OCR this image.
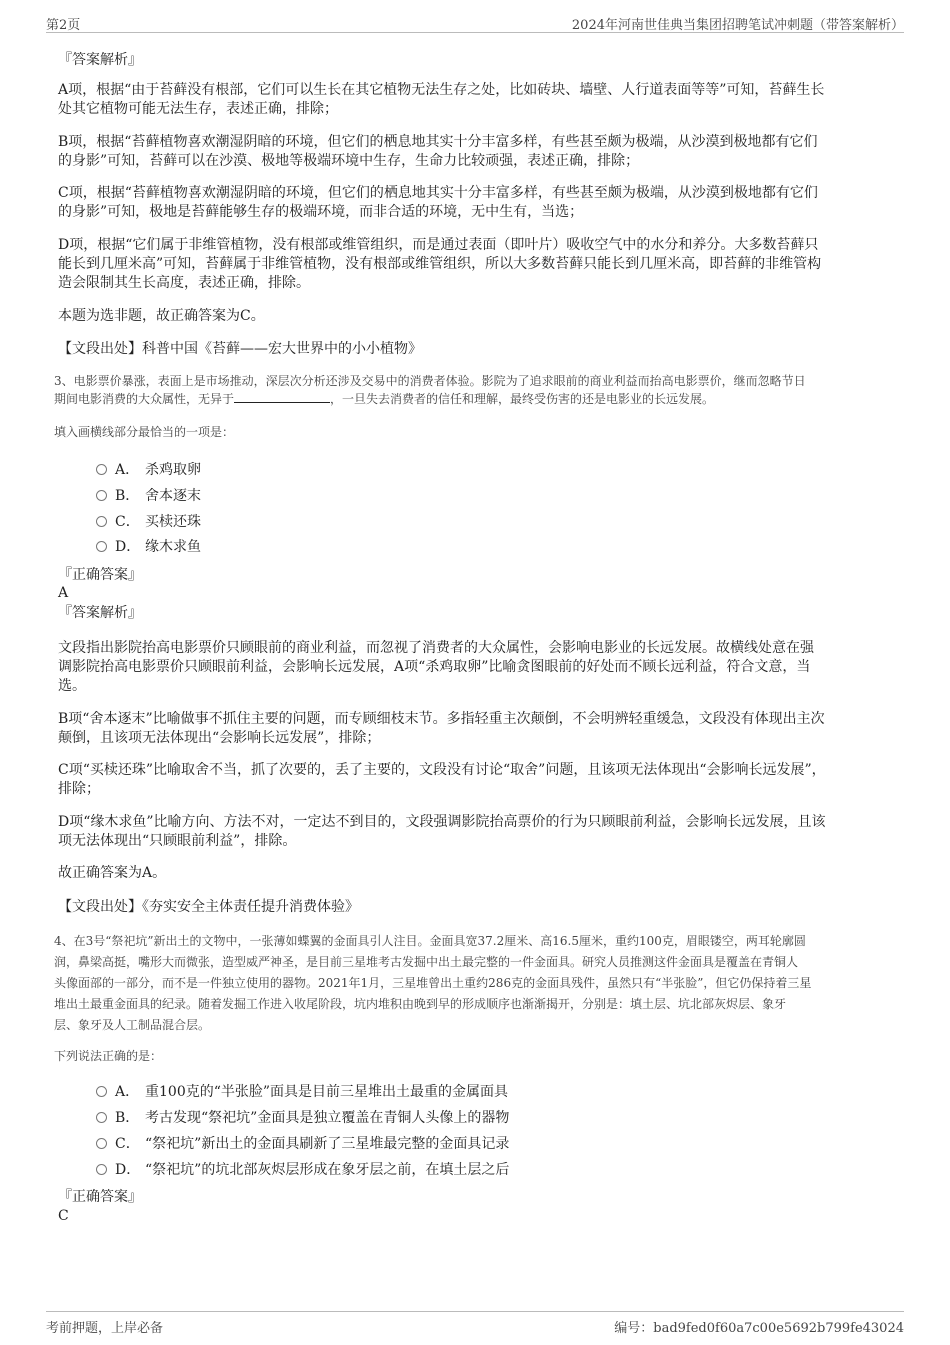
第2页	2024年河南世佳典当集团招聘笔试冲刺题（带答案解析）

『答案解析』

A项，根据“由于苔藓没有根部，它们可以生长在其它植物无法生存之处，比如砖块、墙壁、人行道表面等等”可知，苔藓生长

处其它植物可能无法生存，表述正确，排除；

B项，根据“苔藓植物喜欢潮湿阴暗的环境，但它们的栖息地其实十分丰富多样，有些甚至颇为极端，从沙漠到极地都有它们

的身影”可知，苔藓可以在沙漠、极地等极端环境中生存，生命力比较顽强，表述正确，排除；

C项，根据“苔藓植物喜欢潮湿阴暗的环境，但它们的栖息地其实十分丰富多样，有些甚至颇为极端，从沙漠到极地都有它们

的身影”可知，极地是苔藓能够生存的极端环境，而非合适的环境，无中生有，当选；

D项，根据“它们属于非维管植物，没有根部或维管组织，而是通过表面（即叶片）吸收空气中的水分和养分。大多数苔藓只

能长到几厘米高”可知，苔藓属于非维管植物，没有根部或维管组织，所以大多数苔藓只能长到几厘米高，即苔藓的非维管构

造会限制其生长高度，表述正确，排除。

本题为选非题，故正确答案为C。

【文段出处】科普中国《苔藓——宏大世界中的小小植物》

3、电影票价暴涨，表面上是市场推动，深层次分析还涉及交易中的消费者体验。影院为了追求眼前的商业利益而抬高电影票价，继而忽略节日

期间电影消费的大众属性，无异于	，一旦失去消费者的信任和理解，最终受伤害的还是电影业的长远发展。

填入画横线部分最恰当的一项是：

A． 杀鸡取卵
B． 舍本逐末
C． 买椟还珠
D． 缘木求鱼

『正确答案』

A

『答案解析』

文段指出影院抬高电影票价只顾眼前的商业利益，而忽视了消费者的大众属性，会影响电影业的长远发展。故横线处意在强

调影院抬高电影票价只顾眼前利益，会影响长远发展，A项“杀鸡取卵”比喻贪图眼前的好处而不顾长远利益，符合文意，当

选。

B项“舍本逐末”比喻做事不抓住主要的问题，而专顾细枝末节。多指轻重主次颠倒，不会明辨轻重缓急，文段没有体现出主次

颠倒，且该项无法体现出“会影响长远发展”，排除；

C项“买椟还珠”比喻取舍不当，抓了次要的，丢了主要的，文段没有讨论“取舍”问题，且该项无法体现出“会影响长远发展”，

排除；

D项“缘木求鱼”比喻方向、方法不对，一定达不到目的，文段强调影院抬高票价的行为只顾眼前利益，会影响长远发展，且该

项无法体现出“只顾眼前利益”，排除。

故正确答案为A。

【文段出处】《夯实安全主体责任提升消费体验》

4、在3号“祭祀坑”新出土的文物中，一张薄如蝶翼的金面具引人注目。金面具宽37.2厘米、高16.5厘米，重约100克，眉眼镂空，两耳轮廓圆

润，鼻梁高挺，嘴形大而微张，造型威严神圣，是目前三星堆考古发掘中出土最完整的一件金面具。研究人员推测这件金面具是覆盖在青铜人

头像面部的一部分，而不是一件独立使用的器物。2021年1月，三星堆曾出土重约286克的金面具残件，虽然只有“半张脸”，但它仍保持着三星

堆出土最重金面具的纪录。随着发掘工作进入收尾阶段，坑内堆积由晚到早的形成顺序也渐渐揭开，分别是：填土层、坑北部灰烬层、象牙

层、象牙及人工制品混合层。

下列说法正确的是：

A． 重100克的“半张脸”面具是目前三星堆出土最重的金属面具
B． 考古发现“祭祀坑”金面具是独立覆盖在青铜人头像上的器物
C． “祭祀坑”新出土的金面具刷新了三星堆最完整的金面具记录
D． “祭祀坑”的坑北部灰烬层形成在象牙层之前，在填土层之后

『正确答案』

C

考前押题，上岸必备	编号：bad9fed0f60a7c00e5692b799fe43024
